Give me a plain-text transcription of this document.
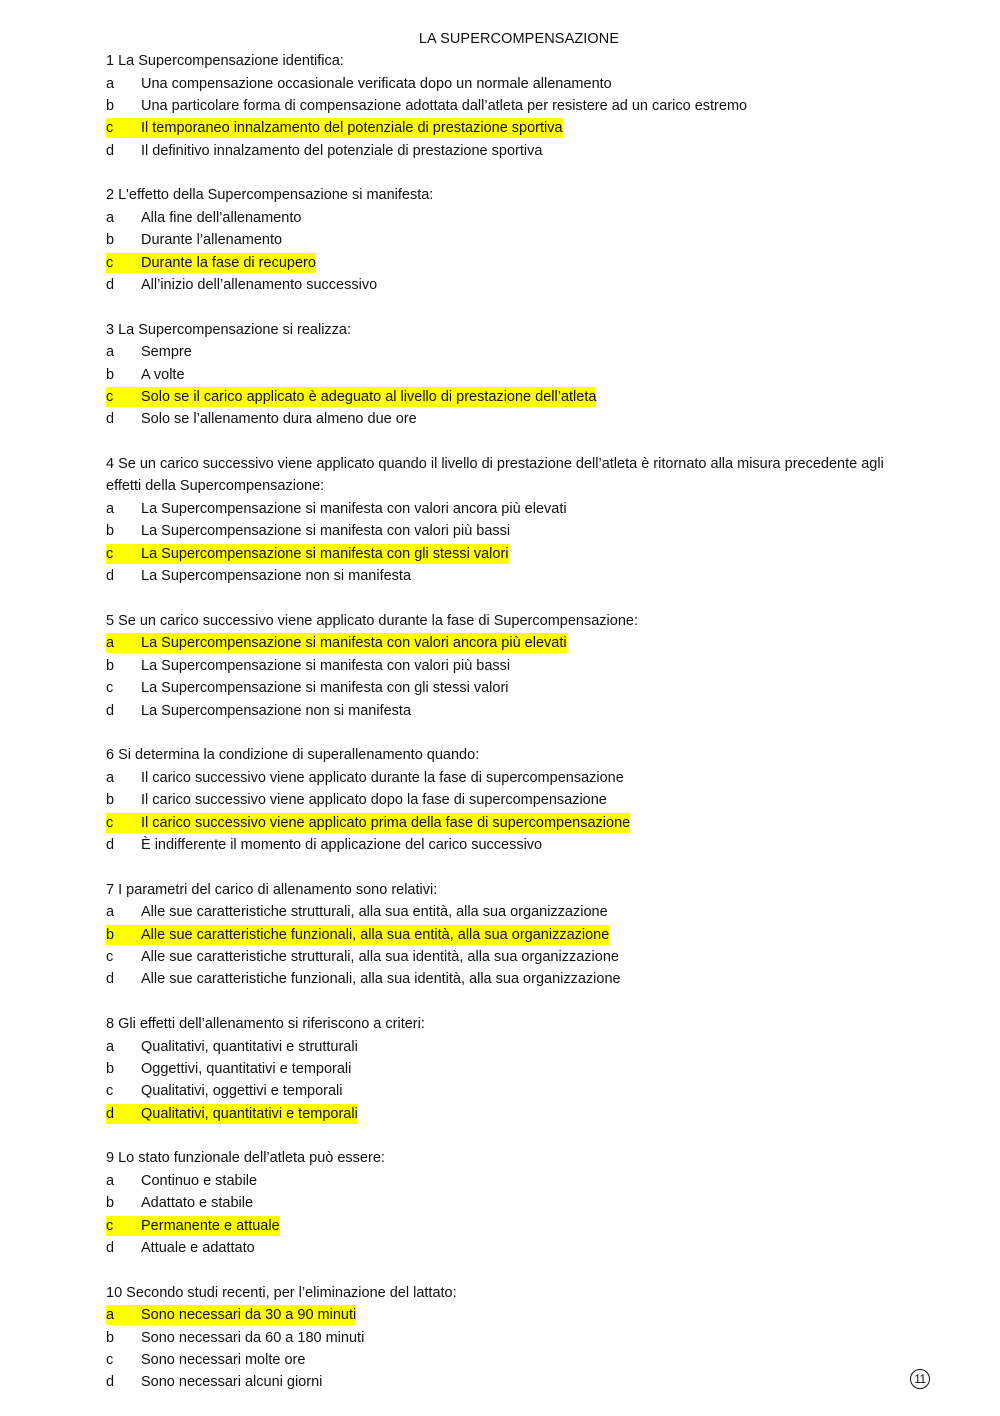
LA SUPERCOMPENSAZIONE
1 La Supercompensazione identifica:
a Una compensazione occasionale verificata dopo un normale allenamento
b Una particolare forma di compensazione adottata dall’atleta per resistere ad un carico estremo
c Il temporaneo innalzamento del potenziale di prestazione sportiva
d Il definitivo innalzamento del potenziale di prestazione sportiva
2 L'effetto della Supercompensazione si manifesta:
a Alla fine dell’allenamento
b Durante l’allenamento
c Durante la fase di recupero
d All’inizio dell’allenamento successivo
3 La Supercompensazione si realizza:
a Sempre
b A volte
c Solo se il carico applicato è adeguato al livello di prestazione dell’atleta
d Solo se l’allenamento dura almeno due ore
4 Se un carico successivo viene applicato quando il livello di prestazione dell’atleta è ritornato alla misura precedente agli effetti della Supercompensazione:
a La Supercompensazione si manifesta con valori ancora più elevati
b La Supercompensazione si manifesta con valori più bassi
c La Supercompensazione si manifesta con gli stessi valori
d La Supercompensazione non si manifesta
5 Se un carico successivo viene applicato durante la fase di Supercompensazione:
a La Supercompensazione si manifesta con valori ancora più elevati
b La Supercompensazione si manifesta con valori più bassi
c La Supercompensazione si manifesta con gli stessi valori
d La Supercompensazione non si manifesta
6 Si determina la condizione di superallenamento quando:
a Il carico successivo viene applicato durante la fase di supercompensazione
b Il carico successivo viene applicato dopo la fase di supercompensazione
c Il carico successivo viene applicato prima della fase di supercompensazione
d È indifferente il momento di applicazione del carico successivo
7 I parametri del carico di allenamento sono relativi:
a Alle sue caratteristiche strutturali, alla sua entità, alla sua organizzazione
b Alle sue caratteristiche funzionali, alla sua entità, alla sua organizzazione
c Alle sue caratteristiche strutturali, alla sua identità, alla sua organizzazione
d Alle sue caratteristiche funzionali, alla sua identità, alla sua organizzazione
8 Gli effetti dell’allenamento si riferiscono a criteri:
a Qualitativi, quantitativi e strutturali
b Oggettivi, quantitativi e temporali
c Qualitativi, oggettivi e temporali
d Qualitativi, quantitativi e temporali
9 Lo stato funzionale dell’atleta può essere:
a Continuo e stabile
b Adattato e stabile
c Permanente e attuale
d Attuale e adattato
10 Secondo studi recenti, per l’eliminazione del lattato:
a Sono necessari da 30 a 90 minuti
b Sono necessari da 60 a 180 minuti
c Sono necessari molte ore
d Sono necessari alcuni giorni	11
